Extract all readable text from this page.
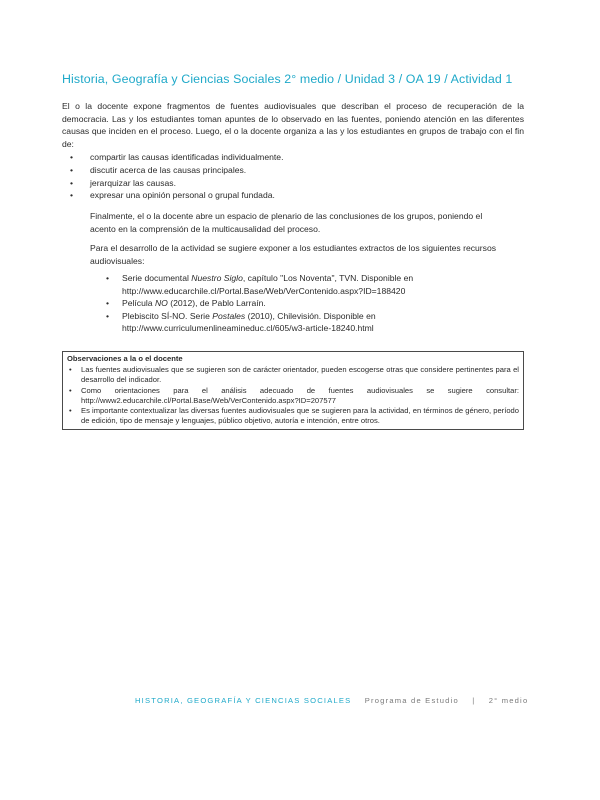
Historia, Geografía y Ciencias Sociales 2° medio / Unidad 3 / OA 19 / Actividad 1

El o la docente expone fragmentos de fuentes audiovisuales que describan el proceso de recuperación de la democracia. Las y los estudiantes toman apuntes de lo observado en las fuentes, poniendo atención en las diferentes causas que inciden en el proceso. Luego, el o la docente organiza a las y los estudiantes en grupos de trabajo con el fin de:

• compartir las causas identificadas individualmente.
• discutir acerca de las causas principales.
• jerarquizar las causas.
• expresar una opinión personal o grupal fundada.
Finalmente, el o la docente abre un espacio de plenario de las conclusiones de los grupos, poniendo el acento en la comprensión de la multicausalidad del proceso.
Para el desarrollo de la actividad se sugiere exponer a los estudiantes extractos de los siguientes recursos audiovisuales:
• Serie documental Nuestro Siglo, capítulo "Los Noventa", TVN. Disponible en http://www.educarchile.cl/Portal.Base/Web/VerContenido.aspx?ID=188420
• Película NO (2012), de Pablo Larraín.
• Plebiscito SÍ-NO. Serie Postales (2010), Chilevisión. Disponible en http://www.curriculumenlineamineduc.cl/605/w3-article-18240.html
Observaciones a la o el docente
• Las fuentes audiovisuales que se sugieren son de carácter orientador, pueden escogerse otras que considere pertinentes para el desarrollo del indicador.
• Como orientaciones para el análisis adecuado de fuentes audiovisuales se sugiere consultar: http://www2.educarchile.cl/Portal.Base/Web/VerContenido.aspx?ID=207577
• Es importante contextualizar las diversas fuentes audiovisuales que se sugieren para la actividad, en términos de género, período de edición, tipo de mensaje y lenguajes, público objetivo, autoría e intención, entre otros.
HISTORIA, GEOGRAFÍA Y CIENCIAS SOCIALES Programa de Estudio | 2° medio
